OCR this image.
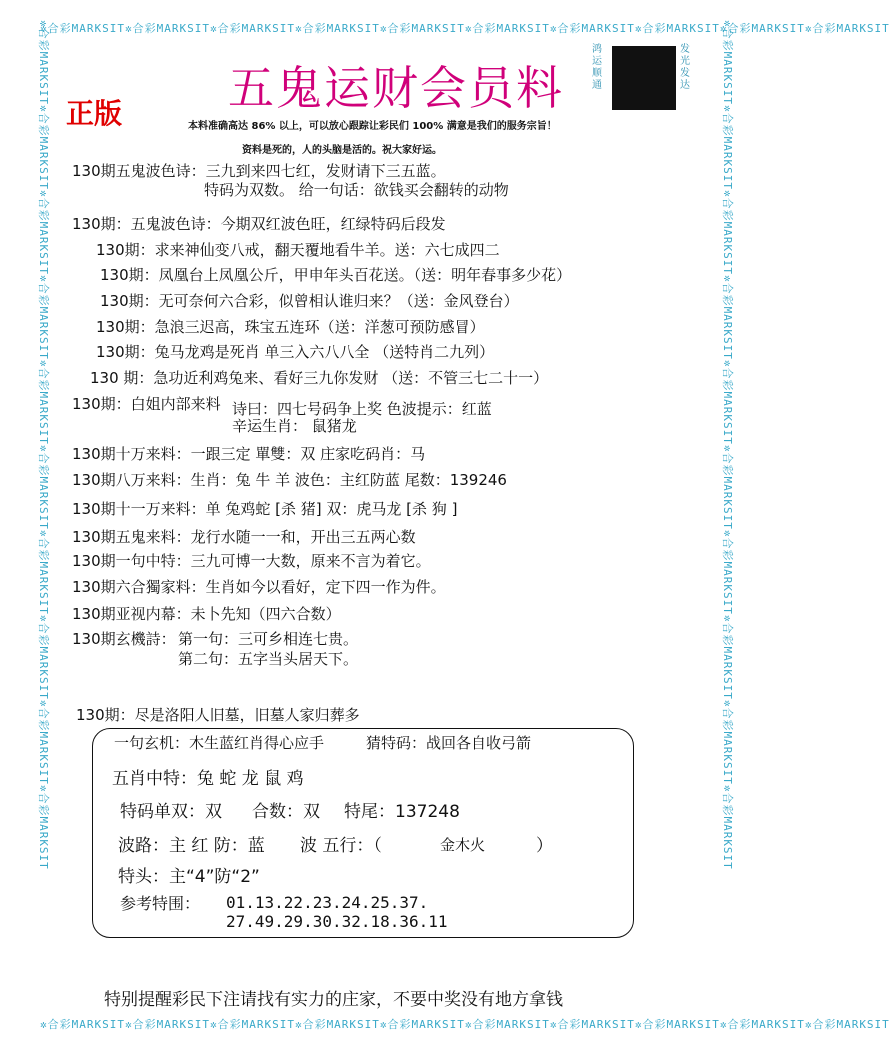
✲合彩MARKSIT✲合彩MARKSIT✲合彩MARKSIT✲合彩MARKSIT✲合彩MARKSIT✲合彩MARKSIT✲合彩MARKSIT✲合彩MARKSIT✲合彩MARKSIT✲合彩MARKSIT
✲合彩MARKSIT✲合彩MARKSIT✲合彩MARKSIT✲合彩MARKSIT✲合彩MARKSIT✲合彩MARKSIT✲合彩MARKSIT✲合彩MARKSIT✲合彩MARKSIT✲合彩MARKSIT
✲合彩MARKSIT✲合彩MARKSIT✲合彩MARKSIT✲合彩MARKSIT✲合彩MARKSIT✲合彩MARKSIT✲合彩MARKSIT✲合彩MARKSIT✲合彩MARKSIT✲合彩MARKSIT	✲合彩MARKSIT✲合彩MARKSIT✲合彩MARKSIT✲合彩MARKSIT✲合彩MARKSIT✲合彩MARKSIT✲合彩MARKSIT✲合彩MARKSIT✲合彩MARKSIT✲合彩MARKSIT
五鬼运财会员料
正版
鸿运顺通
发光发达
本料准确高达 86% 以上，可以放心跟踪让彩民们 100% 满意是我们的服务宗旨！
资料是死的，人的头脑是活的。祝大家好运。
130期五鬼波色诗：三九到来四七红，发财请下三五蓝。
特码为双数。 给一句话：欲钱买会翻转的动物
130期：五鬼波色诗：今期双红波色旺，红绿特码后段发
130期：求来神仙变八戒，翻天覆地看牛羊。送：六七成四二
130期：凤凰台上凤凰公斤，甲申年头百花送。（送：明年春事多少花）
130期：无可奈何六合彩，似曾相认谁归来？（送：金风登台）
130期：急浪三迟高，珠宝五连环（送：洋葱可预防感冒）
130期：兔马龙鸡是死肖 单三入六八八全 （送特肖二九列）
130 期：急功近利鸡兔来、看好三九你发财 （送：不管三七二十一）
130期：白姐内部来料 诗曰：四七号码争上奖 色波提示：红蓝
辛运生肖： 鼠猪龙
130期十万来料：一跟三定 單雙：双 庄家吃码肖：马
130期八万来料：生肖：兔 牛 羊 波色：主红防蓝 尾数：139246
130期十一万来料：单 兔鸡蛇 [杀 猪] 双：虎马龙 [杀 狗 ]
130期五鬼来料：龙行水随一一和，开出三五两心数
130期一句中特：三九可博一大数，原来不言为着它。
130期六合獨家料：生肖如今以看好，定下四一作为件。
130期亚视内幕：未卜先知（四六合数）
130期玄機詩： 第一句：三可乡相连七贵。
第二句：五字当头居天下。
130期：尽是洛阳人旧墓，旧墓人家归葬多
一句玄机：木生蓝红肖得心应手	猜特码：战回各自收弓箭
五肖中特：兔 蛇 龙 鼠 鸡
特码单双：双 合数：双 特尾：137248
波路：主 红 防：蓝 波 五行：（	金木火	）
特头：主“4”防“2”
参考特围： 01.13.22.23.24.25.37.
27.49.29.30.32.18.36.11
特别提醒彩民下注请找有实力的庄家，不要中奖没有地方拿钱
